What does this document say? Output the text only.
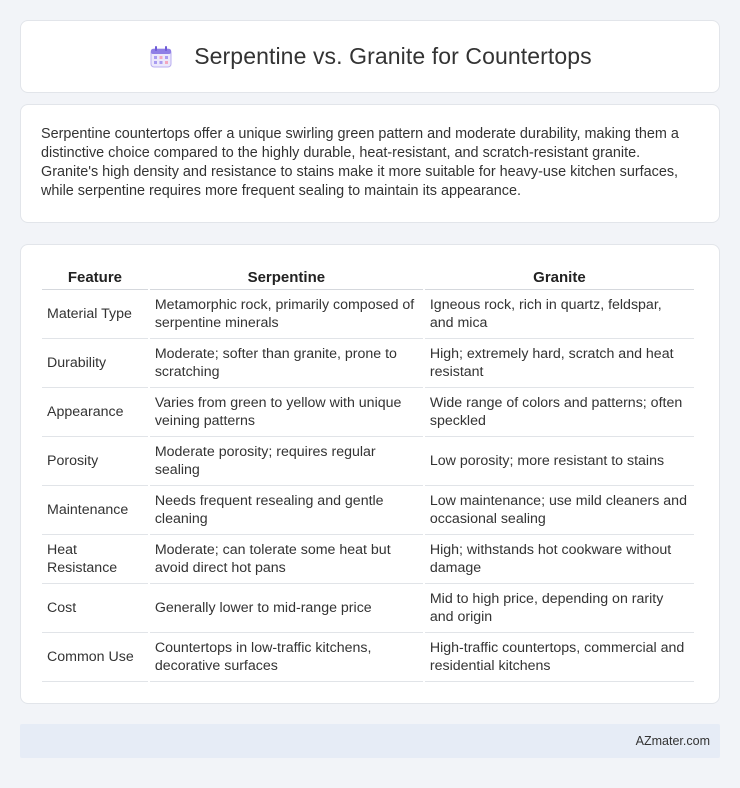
Serpentine vs. Granite for Countertops

Serpentine countertops offer a unique swirling green pattern and moderate durability, making them a distinctive choice compared to the highly durable, heat-resistant, and scratch-resistant granite. Granite's high density and resistance to stains make it more suitable for heavy-use kitchen surfaces, while serpentine requires more frequent sealing to maintain its appearance.

Feature	Serpentine	Granite
Material Type	Metamorphic rock, primarily composed of serpentine minerals	Igneous rock, rich in quartz, feldspar, and mica
Durability	Moderate; softer than granite, prone to scratching	High; extremely hard, scratch and heat resistant
Appearance	Varies from green to yellow with unique veining patterns	Wide range of colors and patterns; often speckled
Porosity	Moderate porosity; requires regular sealing	Low porosity; more resistant to stains
Maintenance	Needs frequent resealing and gentle cleaning	Low maintenance; use mild cleaners and occasional sealing
Heat Resistance	Moderate; can tolerate some heat but avoid direct hot pans	High; withstands hot cookware without damage
Cost	Generally lower to mid-range price	Mid to high price, depending on rarity and origin
Common Use	Countertops in low-traffic kitchens, decorative surfaces	High-traffic countertops, commercial and residential kitchens
AZmater.com
